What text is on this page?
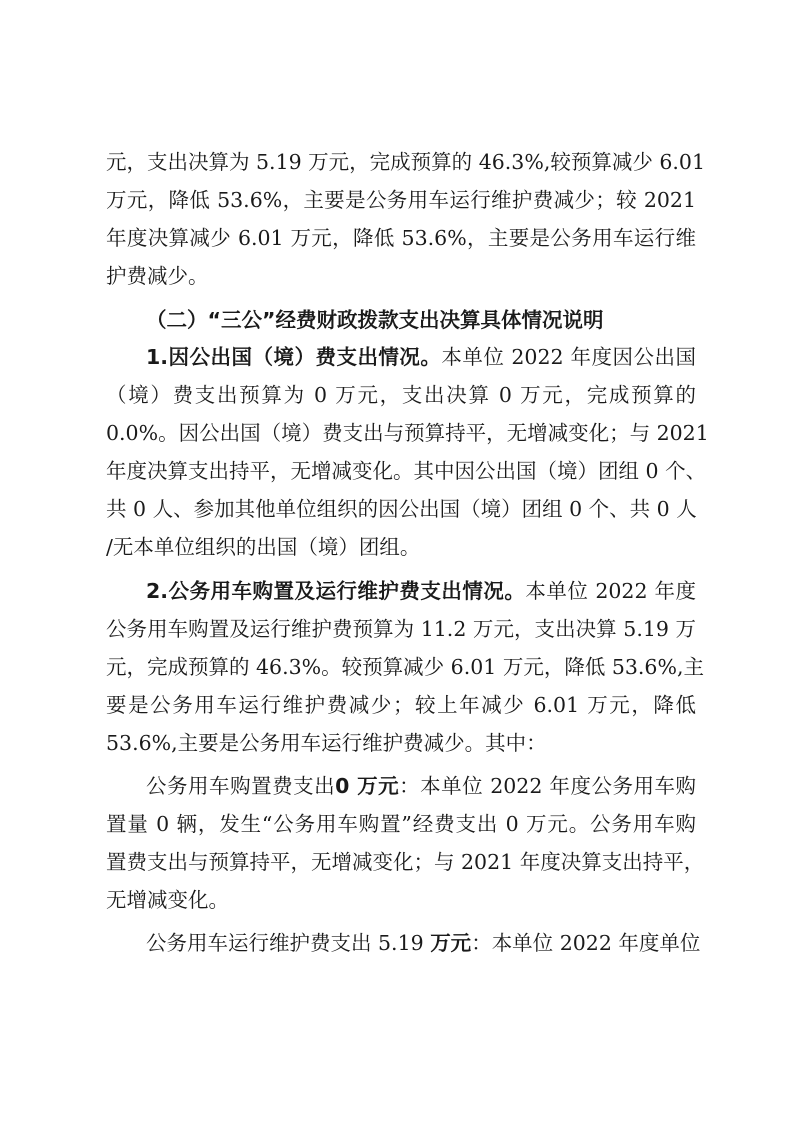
元，支出决算为 5.19 万元，完成预算的 46.3%,较预算减少 6.01
万元，降低 53.6%，主要是公务用车运行维护费减少；较 2021
年度决算减少 6.01 万元，降低 53.6%，主要是公务用车运行维
护费减少。
（二）“三公”经费财政拨款支出决算具体情况说明
1.因公出国（境）费支出情况。本单位 2022 年度因公出国
（境）费支出预算为 0 万元，支出决算 0 万元，完成预算的
0.0%。因公出国（境）费支出与预算持平，无增减变化；与 2021
年度决算支出持平，无增减变化。其中因公出国（境）团组 0 个、
共 0 人、参加其他单位组织的因公出国（境）团组 0 个、共 0 人
/无本单位组织的出国（境）团组。
2.公务用车购置及运行维护费支出情况。本单位 2022 年度
公务用车购置及运行维护费预算为 11.2 万元，支出决算 5.19 万
元，完成预算的 46.3%。较预算减少 6.01 万元，降低 53.6%,主
要是公务用车运行维护费减少；较上年减少 6.01 万元，降低
53.6%,主要是公务用车运行维护费减少。其中：
公务用车购置费支出0 万元：本单位 2022 年度公务用车购
置量 0 辆，发生“公务用车购置”经费支出 0 万元。公务用车购
置费支出与预算持平，无增减变化；与 2021 年度决算支出持平，
无增减变化。
公务用车运行维护费支出 5.19 万元：本单位 2022 年度单位
